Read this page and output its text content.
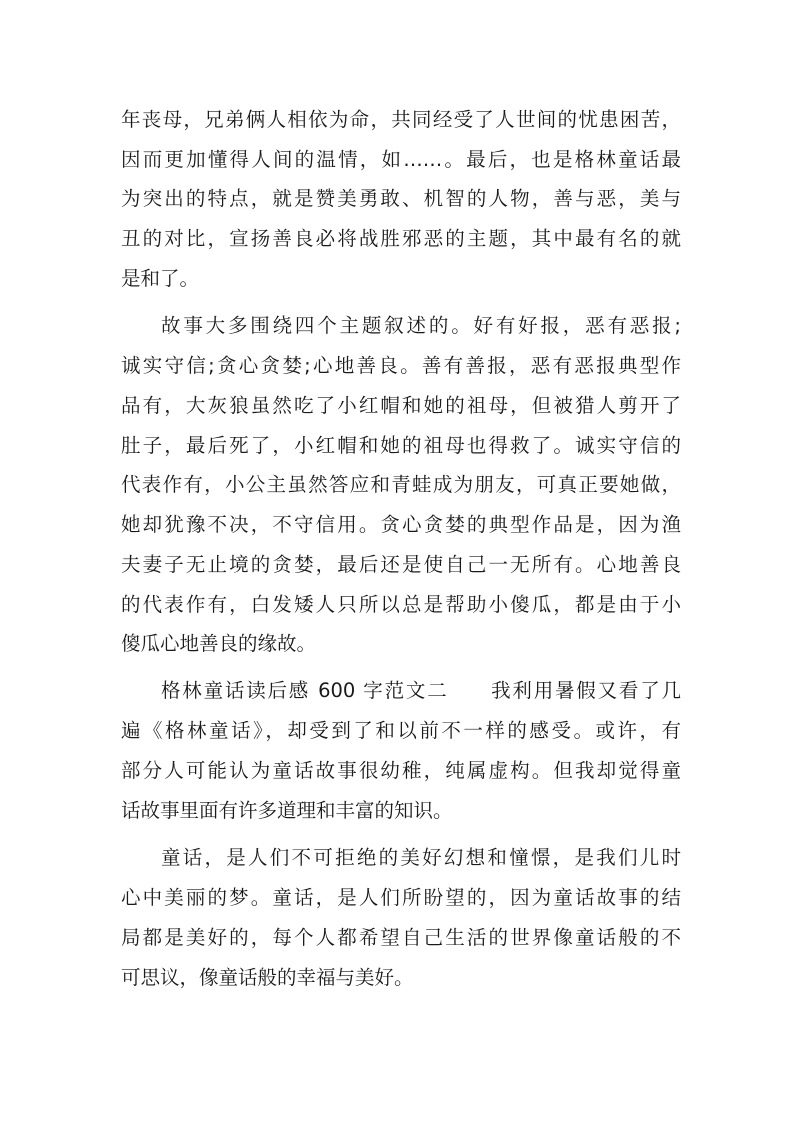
年丧母，兄弟俩人相依为命，共同经受了人世间的忧患困苦，
因而更加懂得人间的温情，如……。最后，也是格林童话最
为突出的特点，就是赞美勇敢、机智的人物，善与恶，美与
丑的对比，宣扬善良必将战胜邪恶的主题，其中最有名的就
是和了。
故事大多围绕四个主题叙述的。好有好报，恶有恶报;
诚实守信;贪心贪婪;心地善良。善有善报，恶有恶报典型作
品有，大灰狼虽然吃了小红帽和她的祖母，但被猎人剪开了
肚子，最后死了，小红帽和她的祖母也得救了。诚实守信的
代表作有，小公主虽然答应和青蛙成为朋友，可真正要她做，
她却犹豫不决，不守信用。贪心贪婪的典型作品是，因为渔
夫妻子无止境的贪婪，最后还是使自己一无所有。心地善良
的代表作有，白发矮人只所以总是帮助小傻瓜，都是由于小
傻瓜心地善良的缘故。
格林童话读后感 600 字范文二　　我利用暑假又看了几
遍《格林童话》，却受到了和以前不一样的感受。或许，有
部分人可能认为童话故事很幼稚，纯属虚构。但我却觉得童
话故事里面有许多道理和丰富的知识。
童话，是人们不可拒绝的美好幻想和憧憬，是我们儿时
心中美丽的梦。童话，是人们所盼望的，因为童话故事的结
局都是美好的，每个人都希望自己生活的世界像童话般的不
可思议，像童话般的幸福与美好。
